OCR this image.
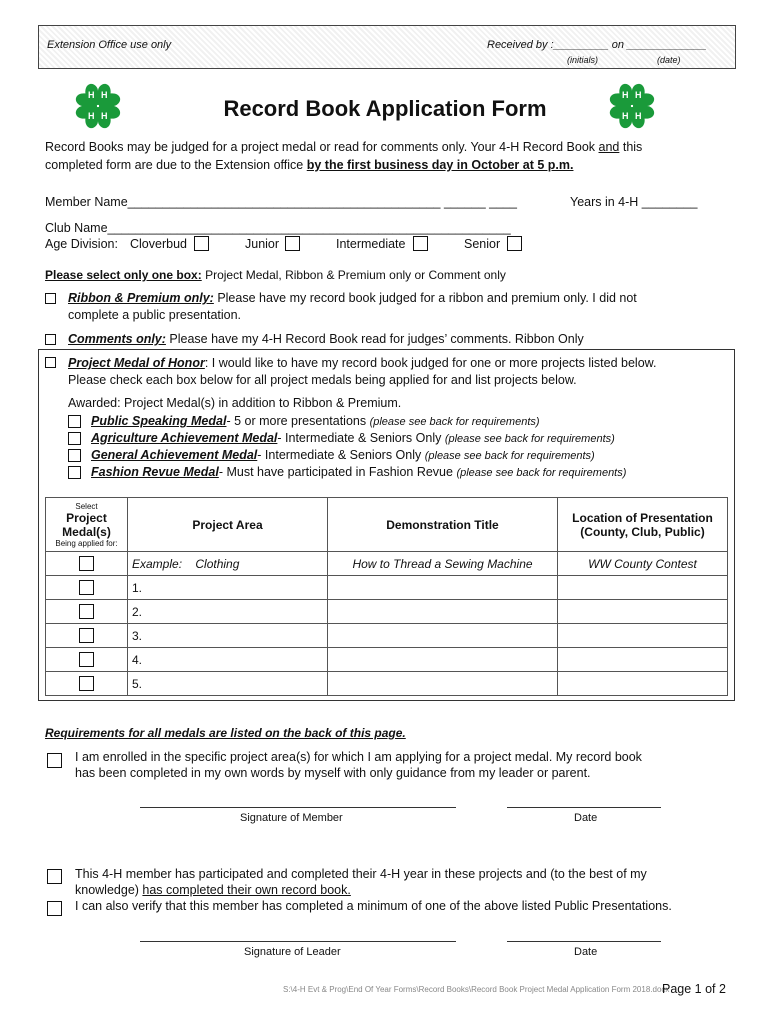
Extension Office use only	Received by :_________ on _____________
(initials)	(date)
H H
H H
H H
H H
Record Book Application Form
Record Books may be judged for a project medal or read for comments only. Your 4-H Record Book and this
completed form are due to the Extension office by the first business day in October at 5 p.m.
Member Name_____________________________________________ ______ ____	Years in 4-H ________
Club Name__________________________________________________________
Age Division: Cloverbud	Junior	Intermediate	Senior
Please select only one box: Project Medal, Ribbon & Premium only or Comment only
Ribbon & Premium only: Please have my record book judged for a ribbon and premium only. I did not
complete a public presentation.
Comments only: Please have my 4-H Record Book read for judges’ comments. Ribbon Only
Project Medal of Honor: I would like to have my record book judged for one or more projects listed below.
Please check each box below for all project medals being applied for and list projects below.
Awarded: Project Medal(s) in addition to Ribbon & Premium.
Public Speaking Medal- 5 or more presentations (please see back for requirements)
Agriculture Achievement Medal- Intermediate & Seniors Only (please see back for requirements)
General Achievement Medal- Intermediate & Seniors Only (please see back for requirements)
Fashion Revue Medal- Must have participated in Fashion Revue (please see back for requirements)
Select
Project Medal(s)
Being applied for:	Project Area	Demonstration Title	Location of Presentation (County, Club, Public)
	Example: Clothing	How to Thread a Sewing Machine	WW County Contest
	1.		
	2.		
	3.		
	4.		
	5.		
Requirements for all medals are listed on the back of this page.
I am enrolled in the specific project area(s) for which I am applying for a project medal. My record book
has been completed in my own words by myself with only guidance from my leader or parent.
Signature of Member	Date
This 4-H member has participated and completed their 4-H year in these projects and (to the best of my
knowledge) has completed their own record book.
I can also verify that this member has completed a minimum of one of the above listed Public Presentations.
Signature of Leader	Date
S:\4-H Evt & Prog\End Of Year Forms\Record Books\Record Book Project Medal Application Form 2018.docx
Page 1 of 2
